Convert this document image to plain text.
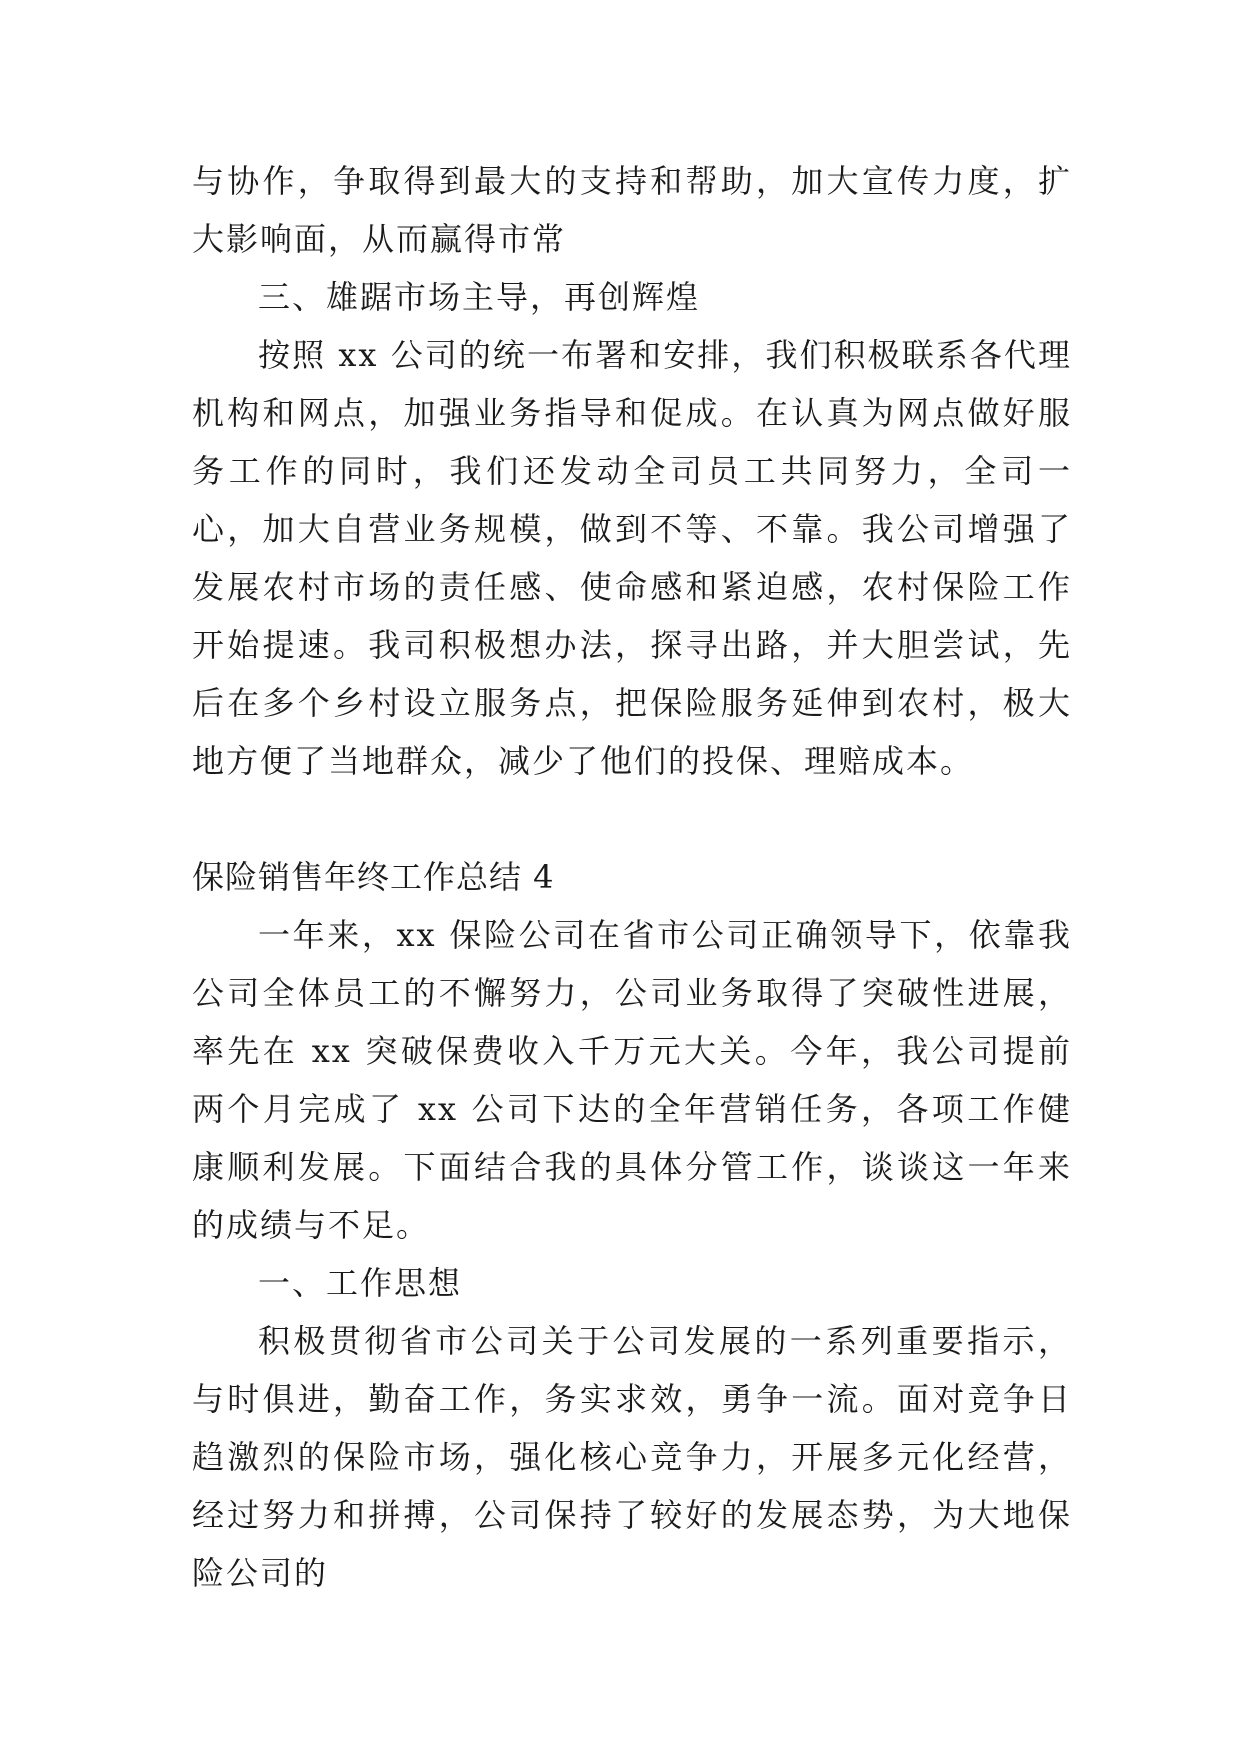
与协作，争取得到最大的支持和帮助，加大宣传力度，扩大影响面，从而赢得市常

三、雄踞市场主导，再创辉煌

按照 xx 公司的统一布署和安排，我们积极联系各代理机构和网点，加强业务指导和促成。在认真为网点做好服务工作的同时，我们还发动全司员工共同努力，全司一心，加大自营业务规模，做到不等、不靠。我公司增强了发展农村市场的责任感、使命感和紧迫感，农村保险工作开始提速。我司积极想办法，探寻出路，并大胆尝试，先后在多个乡村设立服务点，把保险服务延伸到农村，极大地方便了当地群众，减少了他们的投保、理赔成本。

保险销售年终工作总结 4

一年来，xx 保险公司在省市公司正确领导下，依靠我公司全体员工的不懈努力，公司业务取得了突破性进展，率先在 xx 突破保费收入千万元大关。今年，我公司提前两个月完成了 xx 公司下达的全年营销任务，各项工作健康顺利发展。下面结合我的具体分管工作，谈谈这一年来的成绩与不足。

一、工作思想

积极贯彻省市公司关于公司发展的一系列重要指示，与时俱进，勤奋工作，务实求效，勇争一流。面对竞争日趋激烈的保险市场，强化核心竞争力，开展多元化经营，经过努力和拼搏，公司保持了较好的发展态势，为大地保险公司的
